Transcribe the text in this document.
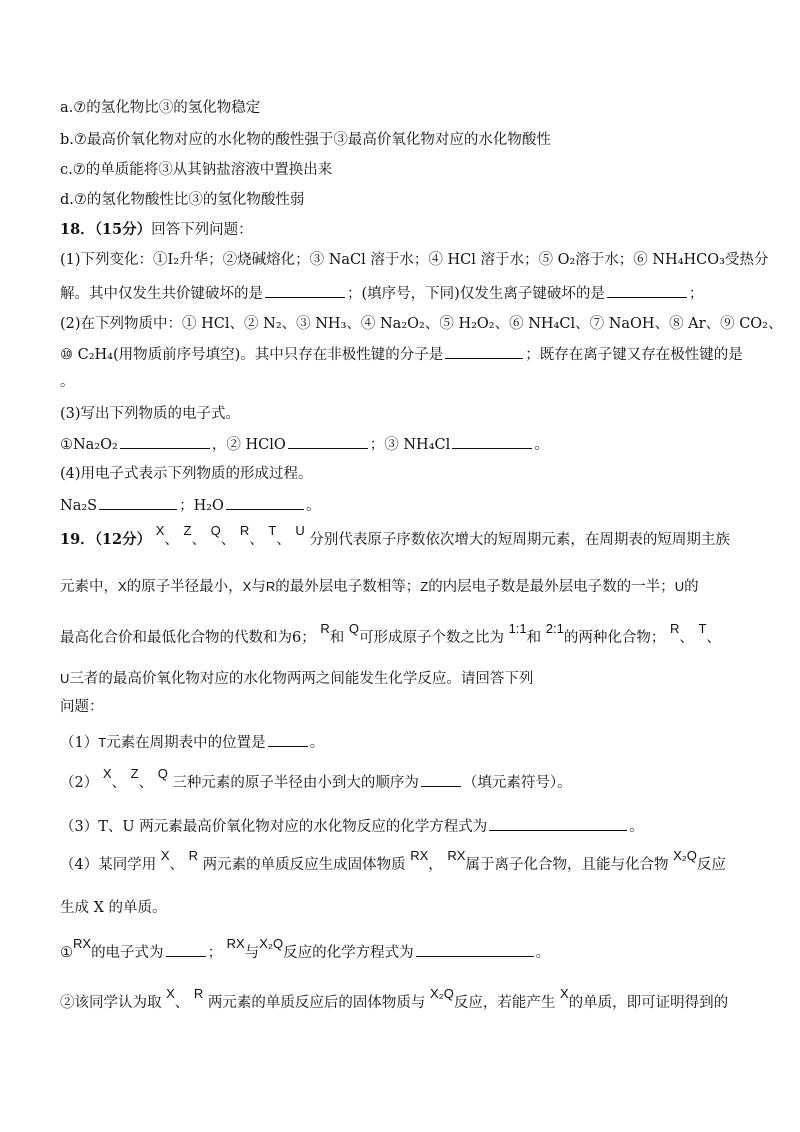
a.⑦的氢化物比③的氢化物稳定
b.⑦最高价氧化物对应的水化物的酸性强于③最高价氧化物对应的水化物酸性
c.⑦的单质能将③从其钠盐溶液中置换出来
d.⑦的氢化物酸性比③的氢化物酸性弱
18．（15分）回答下列问题：
(1)下列变化：①I₂升华；②烧碱熔化；③ NaCl 溶于水；④ HCl 溶于水；⑤ O₂溶于水；⑥ NH₄HCO₃受热分
解。其中仅发生共价键破坏的是	；(填序号，下同)仅发生离子键破坏的是	；
(2)在下列物质中：① HCl、② N₂、③ NH₃、④ Na₂O₂、⑤ H₂O₂、⑥ NH₄Cl、⑦ NaOH、⑧ Ar、⑨ CO₂、
⑩ C₂H₄(用物质前序号填空)。其中只存在非极性键的分子是	；既存在离子键又存在极性键的是
。
(3)写出下列物质的电子式。
①Na₂O₂	，② HClO	；③ NH₄Cl	。
(4)用电子式表示下列物质的形成过程。
Na₂S	；H₂O	。
19．（12分） X、 Z、 Q、 R、 T、 U 分别代表原子序数依次增大的短周期元素，在周期表的短周期主族
元素中，X的原子半径最小，X与R的最外层电子数相等；Z的内层电子数是最外层电子数的一半；U的
最高化合价和最低化合物的代数和为6； R和 Q可形成原子个数之比为 1:1和 2:1的两种化合物； R、 T、
U三者的最高价氧化物对应的水化物两两之间能发生化学反应。请回答下列
问题：
（1）T元素在周期表中的位置是	。
（2） X、 Z、 Q 三种元素的原子半径由小到大的顺序为	（填元素符号）。
（3）T、U 两元素最高价氧化物对应的水化物反应的化学方程式为	。
（4）某同学用 X、 R 两元素的单质反应生成固体物质 RX， RX属于离子化合物，且能与化合物 X₂Q反应
生成 X 的单质。
①RX的电子式为	； RX与X₂Q反应的化学方程式为	。
②该同学认为取 X、 R 两元素的单质反应后的固体物质与 X₂Q反应，若能产生 X的单质，即可证明得到的
